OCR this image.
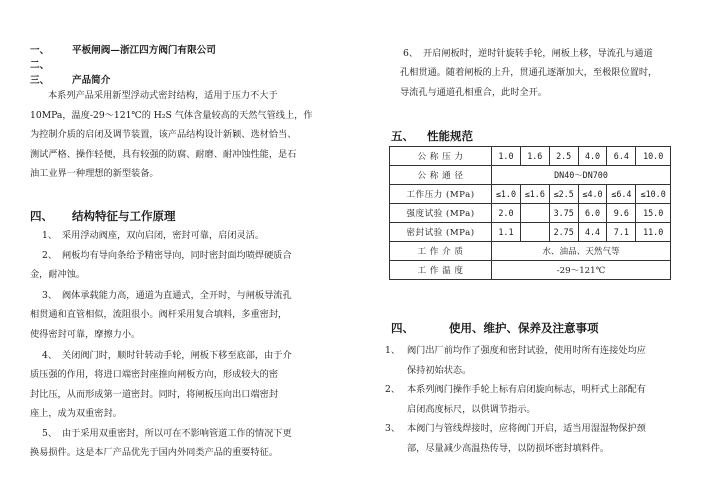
一、 平板闸阀—浙江四方阀门有限公司
二、
三、 产品简介
本系列产品采用新型浮动式密封结构，适用于压力不大于
10MPa，温度-29～121℃的 H₂S 气体含量较高的天然气管线上，作
为控制介质的启闭及调节装置，该产品结构设计新颖、选材恰当、
测试严格、操作轻便，具有较强的防腐、耐磨、耐冲蚀性能，是石
油工业界一种理想的新型装备。
四、 结构特征与工作原理
1、 采用浮动阀座，双向启闭，密封可靠，启闭灵活。
2、 闸板均有导向条给予精密导向，同时密封面均喷焊硬质合
金，耐冲蚀。
3、 阀体承载能力高，通道为直通式，全开时，与闸板导流孔
相贯通和直管相似，流阻很小。阀杆采用复合填料，多重密封，
使得密封可靠，摩擦力小。
4、 关闭阀门时，顺时针转动手轮，闸板下移至底部，由于介
质压强的作用，将进口端密封座推向闸板方向，形成较大的密
封比压，从而形成第一道密封。同时，将闸板压向出口端密封
座上，成为双重密封。
5、 由于采用双重密封，所以可在不影响管道工作的情况下更
换易损件。这是本厂产品优先于国内外同类产品的重要特征。
6、 开启闸板时，逆时针旋转手轮，闸板上移，导流孔与通道
孔相贯通。随着闸板的上升，贯通孔逐渐加大，至极限位置时，
导流孔与通道孔相重合，此时全开。
五、 性能规范
公 称 压 力	1.0	1.6	2.5	4.0	6.4	10.0
公 称 通 径	DN40～DN700					
工作压力 (MPa)	≤1.0	≤1.6	≤2.5	≤4.0	≤6.4	≤10.0
强度试验 (MPa)	2.0		3.75	6.0	9.6	15.0
密封试验 (MPa)	1.1		2.75	4.4	7.1	11.0
工 作 介 质	水、油品、天然气等					
工 作 温 度	-29～121℃					
四、	使用、维护、保养及注意事项
1、 阀门出厂前均作了强度和密封试验，使用时所有连接处均应
保持初始状态。
2、 本系列阀门操作手轮上标有启闭旋向标志，明杆式上部配有
启闭高度标尺，以供调节指示。
3、 本阀门与管线焊接时，应将阀门开启，适当用湿湿物保护颈
部，尽量减少高温热传导，以防损坏密封填料件。
